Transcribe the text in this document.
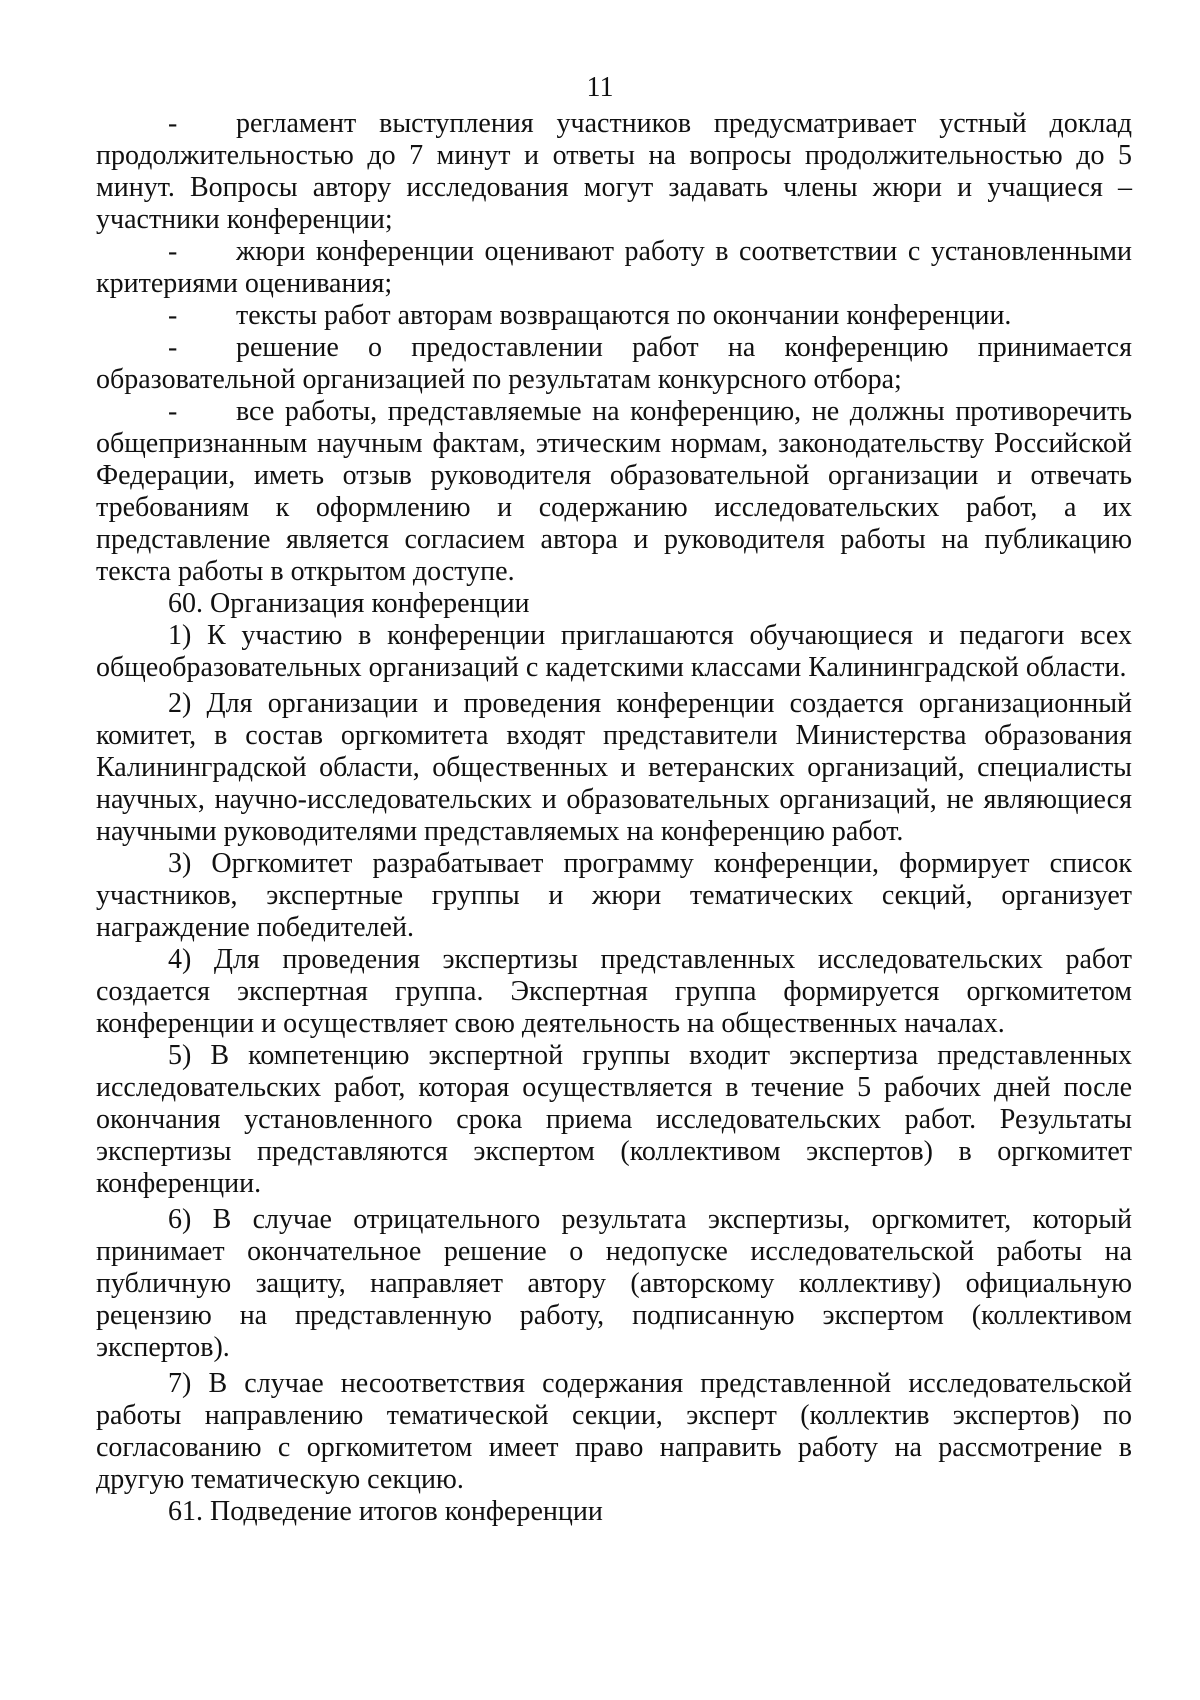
11

- регламент выступления участников предусматривает устный доклад продолжительностью до 7 минут и ответы на вопросы продолжительностью до 5 минут. Вопросы автору исследования могут задавать члены жюри и учащиеся – участники конференции;

- жюри конференции оценивают работу в соответствии с установленными критериями оценивания;

- тексты работ авторам возвращаются по окончании конференции.

- решение о предоставлении работ на конференцию принимается образовательной организацией по результатам конкурсного отбора;

- все работы, представляемые на конференцию, не должны противоречить общепризнанным научным фактам, этическим нормам, законодательству Российской Федерации, иметь отзыв руководителя образовательной организации и отвечать требованиям к оформлению и содержанию исследовательских работ, а их представление является согласием автора и руководителя работы на публикацию текста работы в открытом доступе.

60. Организация конференции

1) К участию в конференции приглашаются обучающиеся и педагоги всех общеобразовательных организаций с кадетскими классами Калининградской области.

2) Для организации и проведения конференции создается организационный комитет, в состав оргкомитета входят представители Министерства образования Калининградской области, общественных и ветеранских организаций, специалисты научных, научно-исследовательских и образовательных организаций, не являющиеся научными руководителями представляемых на конференцию работ.

3) Оргкомитет разрабатывает программу конференции, формирует список участников, экспертные группы и жюри тематических секций, организует награждение победителей.

4) Для проведения экспертизы представленных исследовательских работ создается экспертная группа. Экспертная группа формируется оргкомитетом конференции и осуществляет свою деятельность на общественных началах.

5) В компетенцию экспертной группы входит экспертиза представленных исследовательских работ, которая осуществляется в течение 5 рабочих дней после окончания установленного срока приема исследовательских работ. Результаты экспертизы представляются экспертом (коллективом экспертов) в оргкомитет конференции.

6) В случае отрицательного результата экспертизы, оргкомитет, который принимает окончательное решение о недопуске исследовательской работы на публичную защиту, направляет автору (авторскому коллективу) официальную рецензию на представленную работу, подписанную экспертом (коллективом экспертов).

7) В случае несоответствия содержания представленной исследовательской работы направлению тематической секции, эксперт (коллектив экспертов) по согласованию с оргкомитетом имеет право направить работу на рассмотрение в другую тематическую секцию.

61. Подведение итогов конференции
